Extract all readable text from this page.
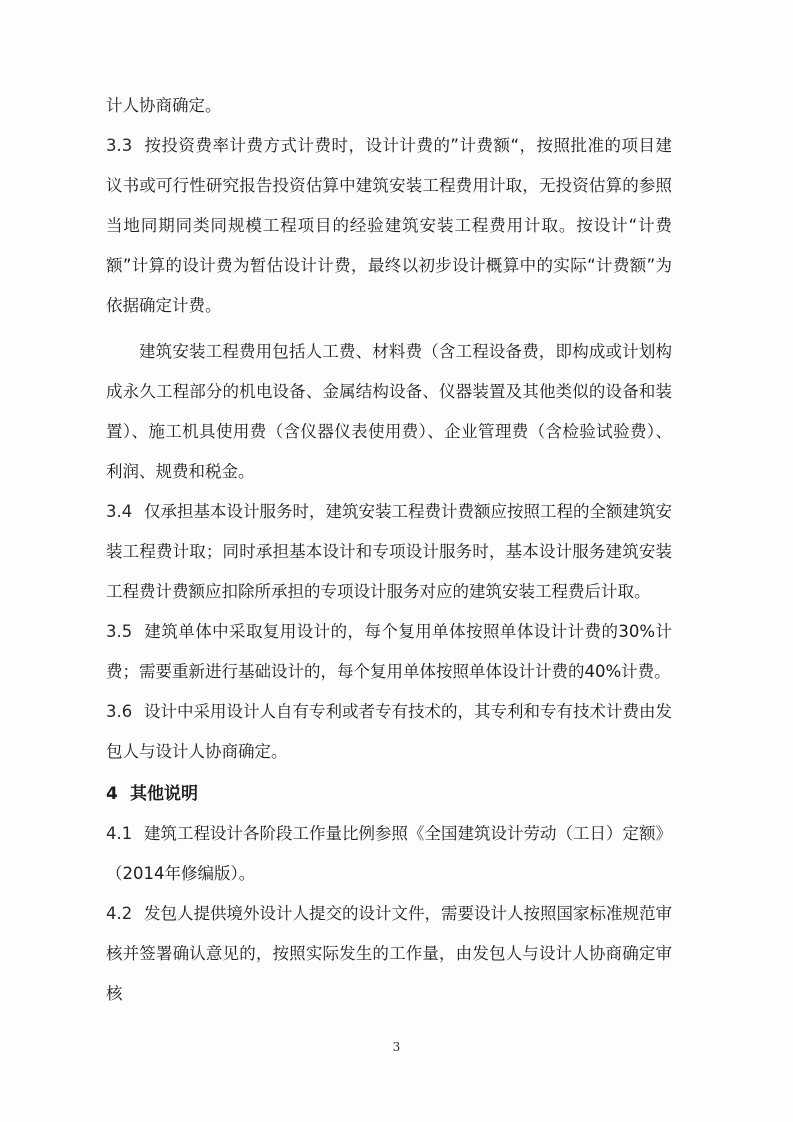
计人协商确定。

3.3 按投资费率计费方式计费时，设计计费的”计费额“，按照批准的项目建议书或可行性研究报告投资估算中建筑安装工程费用计取，无投资估算的参照当地同期同类同规模工程项目的经验建筑安装工程费用计取。按设计“计费额”计算的设计费为暂估设计计费，最终以初步设计概算中的实际“计费额”为依据确定计费。

建筑安装工程费用包括人工费、材料费（含工程设备费，即构成或计划构成永久工程部分的机电设备、金属结构设备、仪器装置及其他类似的设备和装置）、施工机具使用费（含仪器仪表使用费）、企业管理费（含检验试验费）、利润、规费和税金。

3.4 仅承担基本设计服务时，建筑安装工程费计费额应按照工程的全额建筑安装工程费计取；同时承担基本设计和专项设计服务时，基本设计服务建筑安装工程费计费额应扣除所承担的专项设计服务对应的建筑安装工程费后计取。

3.5 建筑单体中采取复用设计的，每个复用单体按照单体设计计费的30%计费；需要重新进行基础设计的，每个复用单体按照单体设计计费的40%计费。

3.6 设计中采用设计人自有专利或者专有技术的，其专利和专有技术计费由发包人与设计人协商确定。

4 其他说明

4.1 建筑工程设计各阶段工作量比例参照《全国建筑设计劳动（工日）定额》（2014年修编版）。

4.2 发包人提供境外设计人提交的设计文件，需要设计人按照国家标准规范审核并签署确认意见的，按照实际发生的工作量，由发包人与设计人协商确定审核

3
